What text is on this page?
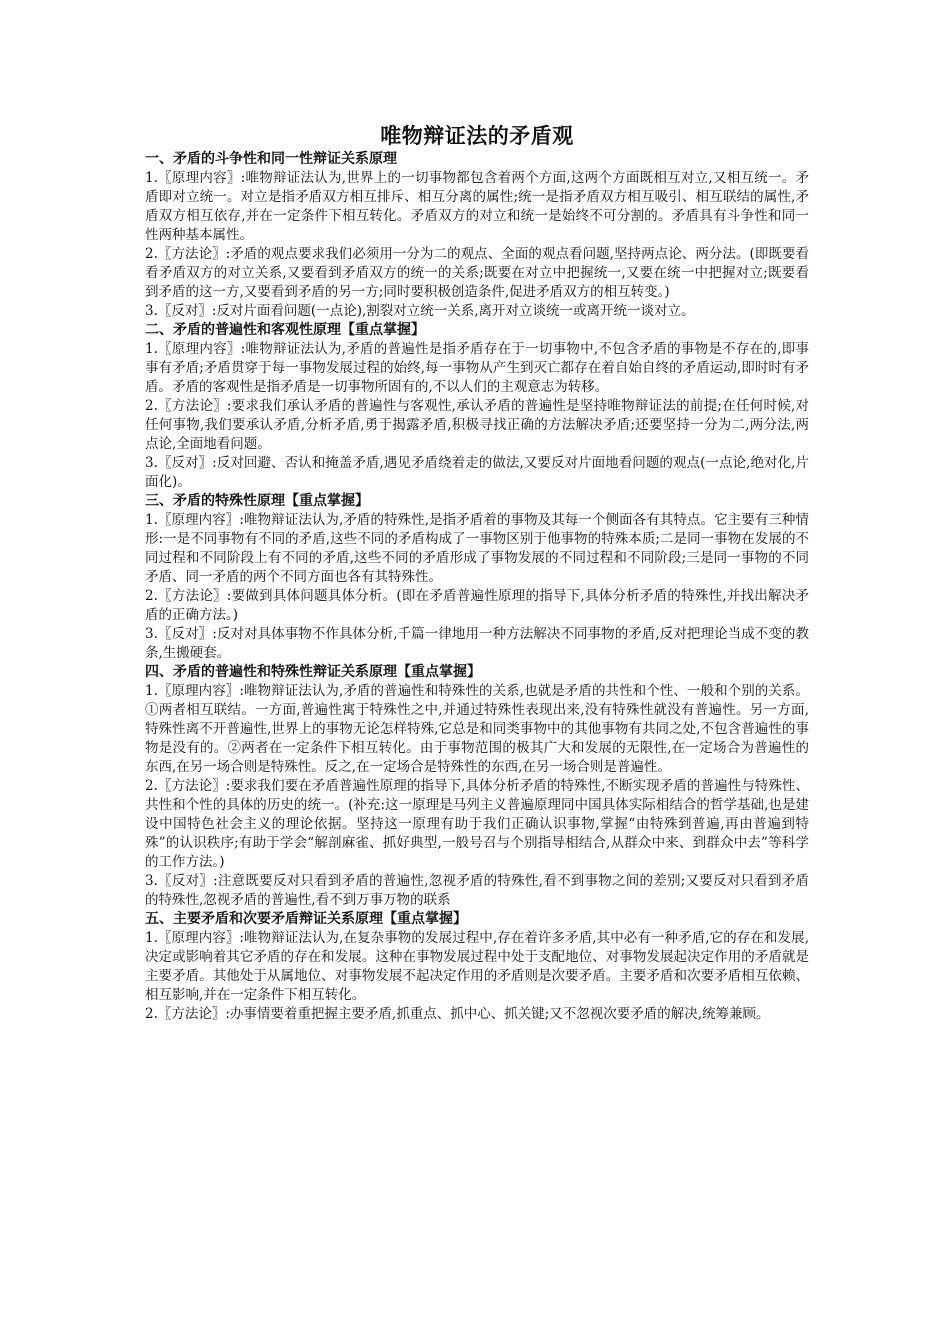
唯物辩证法的矛盾观

一、矛盾的斗争性和同一性辩证关系原理

1.〖原理内容〗:唯物辩证法认为,世界上的一切事物都包含着两个方面,这两个方面既相互对立,又相互统一。矛盾即对立统一。对立是指矛盾双方相互排斥、相互分离的属性;统一是指矛盾双方相互吸引、相互联结的属性,矛盾双方相互依存,并在一定条件下相互转化。矛盾双方的对立和统一是始终不可分割的。矛盾具有斗争性和同一性两种基本属性。

2.〖方法论〗:矛盾的观点要求我们必须用一分为二的观点、全面的观点看问题,坚持两点论、两分法。(即既要看看矛盾双方的对立关系,又要看到矛盾双方的统一的关系;既要在对立中把握统一,又要在统一中把握对立;既要看到矛盾的这一方,又要看到矛盾的另一方;同时要积极创造条件,促进矛盾双方的相互转变。)

3.〖反对〗:反对片面看问题(一点论),割裂对立统一关系,离开对立谈统一或离开统一谈对立。

二、矛盾的普遍性和客观性原理【重点掌握】

1.〖原理内容〗:唯物辩证法认为,矛盾的普遍性是指矛盾存在于一切事物中,不包含矛盾的事物是不存在的,即事事有矛盾;矛盾贯穿于每一事物发展过程的始终,每一事物从产生到灭亡都存在着自始自终的矛盾运动,即时时有矛盾。矛盾的客观性是指矛盾是一切事物所固有的,不以人们的主观意志为转移。

2.〖方法论〗:要求我们承认矛盾的普遍性与客观性,承认矛盾的普遍性是坚持唯物辩证法的前提;在任何时候,对任何事物,我们要承认矛盾,分析矛盾,勇于揭露矛盾,积极寻找正确的方法解决矛盾;还要坚持一分为二,两分法,两点论,全面地看问题。

3.〖反对〗:反对回避、否认和掩盖矛盾,遇见矛盾绕着走的做法,又要反对片面地看问题的观点(一点论,绝对化,片面化)。

三、矛盾的特殊性原理【重点掌握】

1.〖原理内容〗:唯物辩证法认为,矛盾的特殊性,是指矛盾着的事物及其每一个侧面各有其特点。它主要有三种情形:一是不同事物有不同的矛盾,这些不同的矛盾构成了一事物区别于他事物的特殊本质;二是同一事物在发展的不同过程和不同阶段上有不同的矛盾,这些不同的矛盾形成了事物发展的不同过程和不同阶段;三是同一事物的不同矛盾、同一矛盾的两个不同方面也各有其特殊性。

2.〖方法论〗:要做到具体问题具体分析。(即在矛盾普遍性原理的指导下,具体分析矛盾的特殊性,并找出解决矛盾的正确方法。)

3.〖反对〗:反对对具体事物不作具体分析,千篇一律地用一种方法解决不同事物的矛盾,反对把理论当成不变的教条,生搬硬套。

四、矛盾的普遍性和特殊性辩证关系原理【重点掌握】

1.〖原理内容〗:唯物辩证法认为,矛盾的普遍性和特殊性的关系,也就是矛盾的共性和个性、一般和个别的关系。①两者相互联结。一方面,普遍性寓于特殊性之中,并通过特殊性表现出来,没有特殊性就没有普遍性。另一方面,特殊性离不开普遍性,世界上的事物无论怎样特殊,它总是和同类事物中的其他事物有共同之处,不包含普遍性的事物是没有的。②两者在一定条件下相互转化。由于事物范围的极其广大和发展的无限性,在一定场合为普遍性的东西,在另一场合则是特殊性。反之,在一定场合是特殊性的东西,在另一场合则是普遍性。

2.〖方法论〗:要求我们要在矛盾普遍性原理的指导下,具体分析矛盾的特殊性,不断实现矛盾的普遍性与特殊性、共性和个性的具体的历史的统一。(补充:这一原理是马列主义普遍原理同中国具体实际相结合的哲学基础,也是建设中国特色社会主义的理论依据。坚持这一原理有助于我们正确认识事物,掌握“由特殊到普遍,再由普遍到特殊”的认识秩序;有助于学会“解剖麻雀、抓好典型,一般号召与个别指导相结合,从群众中来、到群众中去”等科学的工作方法。)

3.〖反对〗:注意既要反对只看到矛盾的普遍性,忽视矛盾的特殊性,看不到事物之间的差别;又要反对只看到矛盾的特殊性,忽视矛盾的普遍性,看不到万事万物的联系

五、主要矛盾和次要矛盾辩证关系原理【重点掌握】

1.〖原理内容〗:唯物辩证法认为,在复杂事物的发展过程中,存在着许多矛盾,其中必有一种矛盾,它的存在和发展,决定或影响着其它矛盾的存在和发展。这种在事物发展过程中处于支配地位、对事物发展起决定作用的矛盾就是主要矛盾。其他处于从属地位、对事物发展不起决定作用的矛盾则是次要矛盾。主要矛盾和次要矛盾相互依赖、相互影响,并在一定条件下相互转化。

2.〖方法论〗:办事情要着重把握主要矛盾,抓重点、抓中心、抓关键;又不忽视次要矛盾的解决,统筹兼顾。
